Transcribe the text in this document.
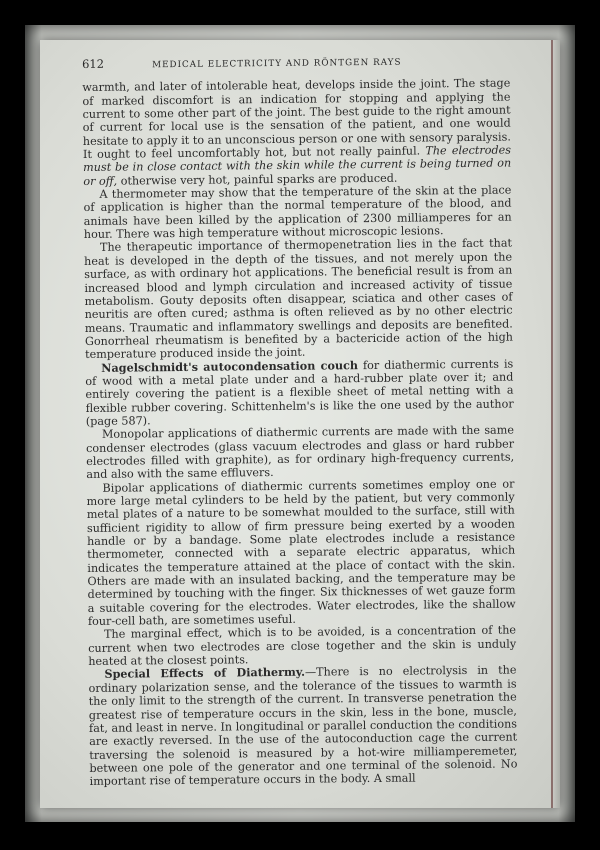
612	MEDICAL ELECTRICITY AND RÖNTGEN RAYS

warmth, and later of intolerable heat, develops inside the joint. The stage of marked discomfort is an indication for stopping and applying the current to some other part of the joint. The best guide to the right amount of current for local use is the sensation of the patient, and one would hesitate to apply it to an unconscious person or one with sensory paralysis. It ought to feel uncomfortably hot, but not really painful. The electrodes must be in close contact with the skin while the current is being turned on or off, otherwise very hot, painful sparks are produced.

A thermometer may show that the temperature of the skin at the place of application is higher than the normal temperature of the blood, and animals have been killed by the application of 2300 milliamperes for an hour. There was high temperature without microscopic lesions.

The therapeutic importance of thermopenetration lies in the fact that heat is developed in the depth of the tissues, and not merely upon the surface, as with ordinary hot applications. The beneficial result is from an increased blood and lymph circulation and increased activity of tissue metabolism. Gouty deposits often disappear, sciatica and other cases of neuritis are often cured; asthma is often relieved as by no other electric means. Traumatic and inflammatory swellings and deposits are benefited. Gonorrheal rheumatism is benefited by a bactericide action of the high temperature produced inside the joint.

Nagelschmidt's autocondensation couch for diathermic currents is of wood with a metal plate under and a hard-rubber plate over it; and entirely covering the patient is a flexible sheet of metal netting with a flexible rubber covering. Schittenhelm's is like the one used by the author (page 587).

Monopolar applications of diathermic currents are made with the same condenser electrodes (glass vacuum electrodes and glass or hard rubber electrodes filled with graphite), as for ordinary high-frequency currents, and also with the same effluvers.

Bipolar applications of diathermic currents sometimes employ one or more large metal cylinders to be held by the patient, but very commonly metal plates of a nature to be somewhat moulded to the surface, still with sufficient rigidity to allow of firm pressure being exerted by a wooden handle or by a bandage. Some plate electrodes include a resistance thermometer, connected with a separate electric apparatus, which indicates the temperature attained at the place of contact with the skin. Others are made with an insulated backing, and the temperature may be determined by touching with the finger. Six thicknesses of wet gauze form a suitable covering for the electrodes. Water electrodes, like the shallow four-cell bath, are sometimes useful.

The marginal effect, which is to be avoided, is a concentration of the current when two electrodes are close together and the skin is unduly heated at the closest points.

Special Effects of Diathermy.—There is no electrolysis in the ordinary polarization sense, and the tolerance of the tissues to warmth is the only limit to the strength of the current. In transverse penetration the greatest rise of temperature occurs in the skin, less in the bone, muscle, fat, and least in nerve. In longitudinal or parallel conduction the conditions are exactly reversed. In the use of the autoconduction cage the current traversing the solenoid is measured by a hot-wire milliamperemeter, between one pole of the generator and one terminal of the solenoid. No important rise of temperature occurs in the body. A small
